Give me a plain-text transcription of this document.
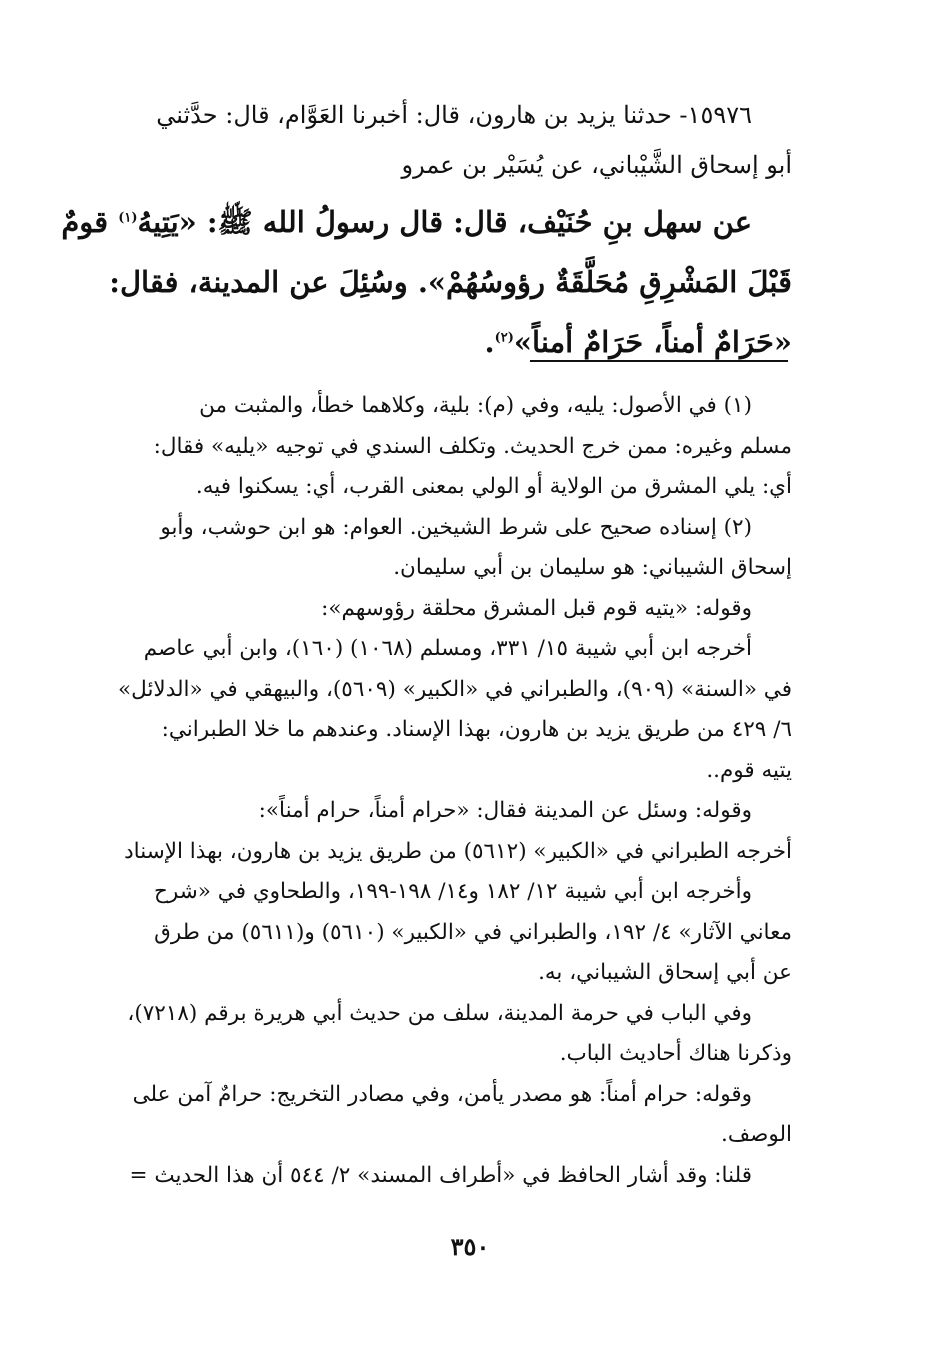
١٥٩٧٦- حدثنا يزيد بن هارون، قال: أخبرنا العَوَّام، قال: حدَّثني
أبو إسحاق الشَّيْباني، عن يُسَيْر بن عمرو
عن سهل بنِ حُنَيْف، قال: قال رسولُ الله ﷺ: «يَتِيهُ$^{(١)}$ قومٌ
قَبْلَ المَشْرِقِ مُحَلَّقَةٌ رؤوسُهُمْ». وسُئِلَ عن المدينة، فقال:
«حَرَامٌ أمناً، حَرَامٌ أمناً»$^{(٢)}$.
(١) في الأصول: يليه، وفي (م): بلية، وكلاهما خطأ، والمثبت من
مسلم وغيره: ممن خرج الحديث. وتكلف السندي في توجيه «يليه» فقال:
أي: يلي المشرق من الولاية أو الولي بمعنى القرب، أي: يسكنوا فيه.
(٢) إسناده صحيح على شرط الشيخين. العوام: هو ابن حوشب، وأبو
إسحاق الشيباني: هو سليمان بن أبي سليمان.
وقوله: «يتيه قوم قبل المشرق محلقة رؤوسهم»:
أخرجه ابن أبي شيبة ١٥/ ٣٣١، ومسلم (١٠٦٨) (١٦٠)، وابن أبي عاصم
في «السنة» (٩٠٩)، والطبراني في «الكبير» (٥٦٠٩)، والبيهقي في «الدلائل»
٦/ ٤٢٩ من طريق يزيد بن هارون، بهذا الإسناد. وعندهم ما خلا الطبراني:
يتيه قوم..
وقوله: وسئل عن المدينة فقال: «حرام أمناً، حرام أمناً»:
أخرجه الطبراني في «الكبير» (٥٦١٢) من طريق يزيد بن هارون، بهذا الإسناد
وأخرجه ابن أبي شيبة ١٢/ ١٨٢ و١٤/ ١٩٨-١٩٩، والطحاوي في «شرح
معاني الآثار» ٤/ ١٩٢، والطبراني في «الكبير» (٥٦١٠) و(٥٦١١) من طرق
عن أبي إسحاق الشيباني، به.
وفي الباب في حرمة المدينة، سلف من حديث أبي هريرة برقم (٧٢١٨)،
وذكرنا هناك أحاديث الباب.
وقوله: حرام أمناً: هو مصدر يأمن، وفي مصادر التخريج: حرامٌ آمن على
الوصف.
قلنا: وقد أشار الحافظ في «أطراف المسند» ٢/ ٥٤٤ أن هذا الحديث =
٣٥٠
